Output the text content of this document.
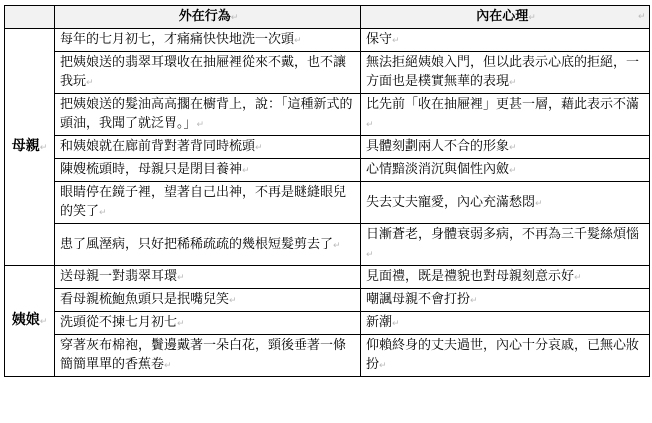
↵	外在行為↵	內在心理↵
母親↵	每年的七月初七，才痛痛快快地洗一次頭↵	保守↵
	把姨娘送的翡翠耳環收在抽屜裡從來不戴，也不讓我玩↵	無法拒絕姨娘入門，但以此表示心底的拒絕，一方面也是樸實無華的表現↵
	把姨娘送的髮油高高擱在櫥背上，說：「這種新式的頭油，我聞了就泛胃。」↵	比先前「收在抽屜裡」更甚一層，藉此表示不滿↵
	和姨娘就在廊前背對著背同時梳頭↵	具體刻劃兩人不合的形象↵
	陳嫂梳頭時，母親只是閉目養神↵	心情黯淡消沉與個性內斂↵
	眼睛停在鏡子裡，望著自己出神，不再是瞇縫眼兒的笑了↵	失去丈夫寵愛，內心充滿愁悶↵
	患了風溼病，只好把稀稀疏疏的幾根短髮剪去了↵	日漸蒼老，身體衰弱多病，不再為三千髮絲煩惱↵
姨娘↵	送母親一對翡翠耳環↵	見面禮，既是禮貌也對母親刻意示好↵
	看母親梳鮑魚頭只是抿嘴兒笑↵	嘲諷母親不會打扮↵
	洗頭從不揀七月初七↵	新潮↵
	穿著灰布棉袍，鬢邊戴著一朵白花，頸後垂著一條簡簡單單的香蕉卷↵	仰賴終身的丈夫過世，內心十分哀戚，已無心妝扮↵
